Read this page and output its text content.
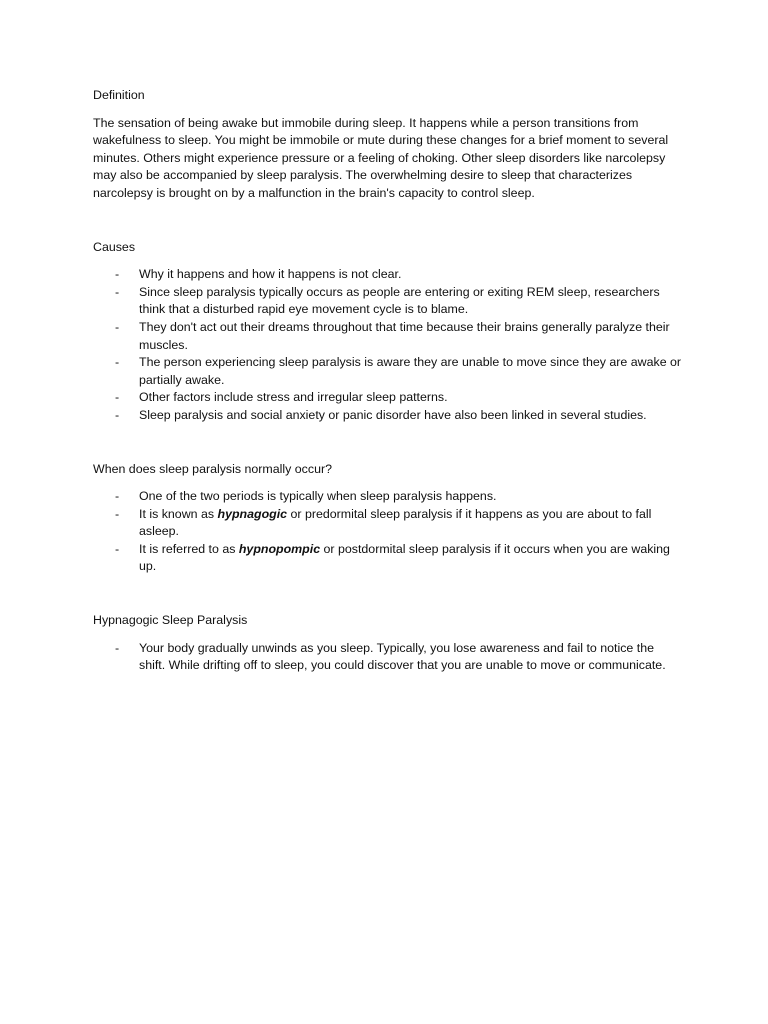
Definition

The sensation of being awake but immobile during sleep. It happens while a person transitions from wakefulness to sleep. You might be immobile or mute during these changes for a brief moment to several minutes. Others might experience pressure or a feeling of choking. Other sleep disorders like narcolepsy may also be accompanied by sleep paralysis. The overwhelming desire to sleep that characterizes narcolepsy is brought on by a malfunction in the brain's capacity to control sleep.

Causes
- Why it happens and how it happens is not clear.
- Since sleep paralysis typically occurs as people are entering or exiting REM sleep, researchers think that a disturbed rapid eye movement cycle is to blame.
- They don't act out their dreams throughout that time because their brains generally paralyze their muscles.
- The person experiencing sleep paralysis is aware they are unable to move since they are awake or partially awake.
- Other factors include stress and irregular sleep patterns.
- Sleep paralysis and social anxiety or panic disorder have also been linked in several studies.
When does sleep paralysis normally occur?
- One of the two periods is typically when sleep paralysis happens.
- It is known as hypnagogic or predormital sleep paralysis if it happens as you are about to fall asleep.
- It is referred to as hypnopompic or postdormital sleep paralysis if it occurs when you are waking up.
Hypnagogic Sleep Paralysis
- Your body gradually unwinds as you sleep. Typically, you lose awareness and fail to notice the shift. While drifting off to sleep, you could discover that you are unable to move or communicate.
